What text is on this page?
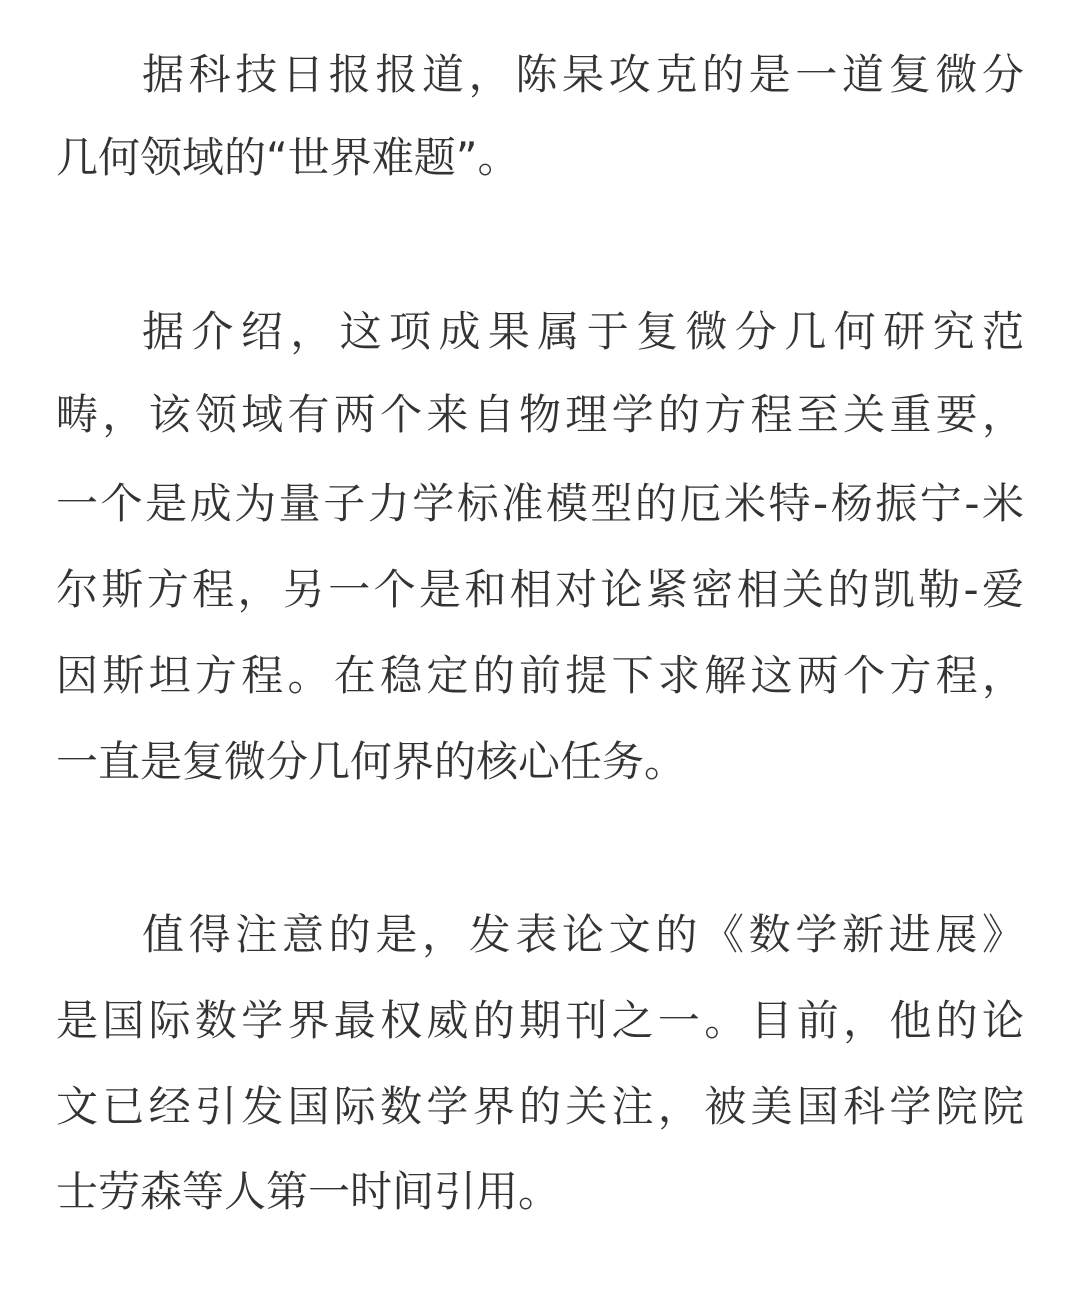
据科技日报报道，陈杲攻克的是一道复微分
几何领域的“世界难题”。
据介绍，这项成果属于复微分几何研究范
畴，该领域有两个来自物理学的方程至关重要，
一个是成为量子力学标准模型的厄米特-杨振宁-米
尔斯方程，另一个是和相对论紧密相关的凯勒-爱
因斯坦方程。在稳定的前提下求解这两个方程，
一直是复微分几何界的核心任务。
值得注意的是，发表论文的《数学新进展》
是国际数学界最权威的期刊之一。目前，他的论
文已经引发国际数学界的关注，被美国科学院院
士劳森等人第一时间引用。
